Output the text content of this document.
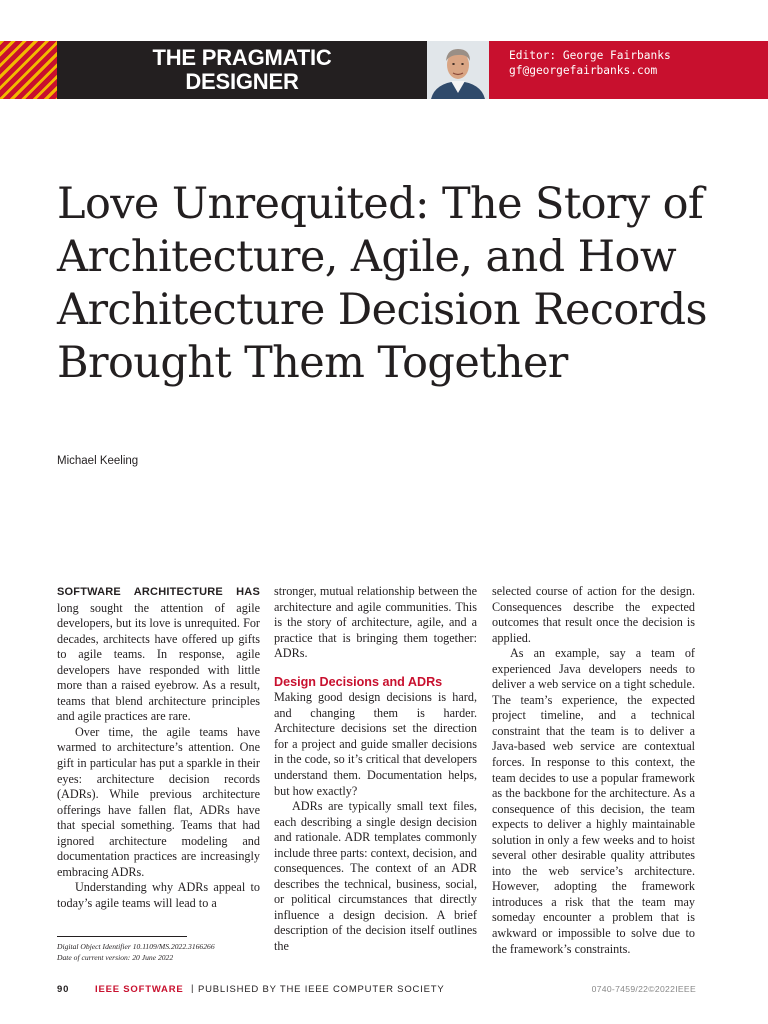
THE PRAGMATIC
DESIGNER
Editor: George Fairbanks
gf@georgefairbanks.com
Love Unrequited: The Story of Architecture, Agile, and How Architecture Decision Records Brought Them Together
Michael Keeling

SOFTWARE ARCHITECTURE HAS long sought the attention of agile developers, but its love is unrequited. For decades, architects have offered up gifts to agile teams. In response, agile developers have responded with little more than a raised eyebrow. As a result, teams that blend architecture principles and agile practices are rare.

Over time, the agile teams have warmed to architecture’s attention. One gift in particular has put a sparkle in their eyes: architecture decision records (ADRs). While previous architecture offerings have fallen flat, ADRs have that special something. Teams that had ignored architecture modeling and documentation practices are increasingly embracing ADRs.

Understanding why ADRs appeal to today’s agile teams will lead to a

stronger, mutual relationship between the architecture and agile communities. This is the story of architecture, agile, and a practice that is bringing them together: ADRs.

Design Decisions and ADRs

Making good design decisions is hard, and changing them is harder. Architecture decisions set the direction for a project and guide smaller decisions in the code, so it’s critical that developers understand them. Documentation helps, but how exactly?

ADRs are typically small text files, each describing a single design decision and rationale. ADR templates commonly include three parts: context, decision, and consequences. The context of an ADR describes the technical, business, social, or political circumstances that directly influence a design decision. A brief description of the decision itself outlines the

selected course of action for the design. Consequences describe the expected outcomes that result once the decision is applied.

As an example, say a team of experienced Java developers needs to deliver a web service on a tight schedule. The team’s experience, the expected project timeline, and a technical constraint that the team is to deliver a Java-based web service are contextual forces. In response to this context, the team decides to use a popular framework as the backbone for the architecture. As a consequence of this decision, the team expects to deliver a highly maintainable solution in only a few weeks and to hoist several other desirable quality attributes into the web service’s architecture. However, adopting the framework introduces a risk that the team may someday encounter a problem that is awkward or impossible to solve due to the framework’s constraints.

Digital Object Identifier 10.1109/MS.2022.3166266
Date of current version: 20 June 2022
90	IEEE SOFTWARE | PUBLISHED BY THE IEEE COMPUTER SOCIETY	0740-7459/22©2022IEEE
